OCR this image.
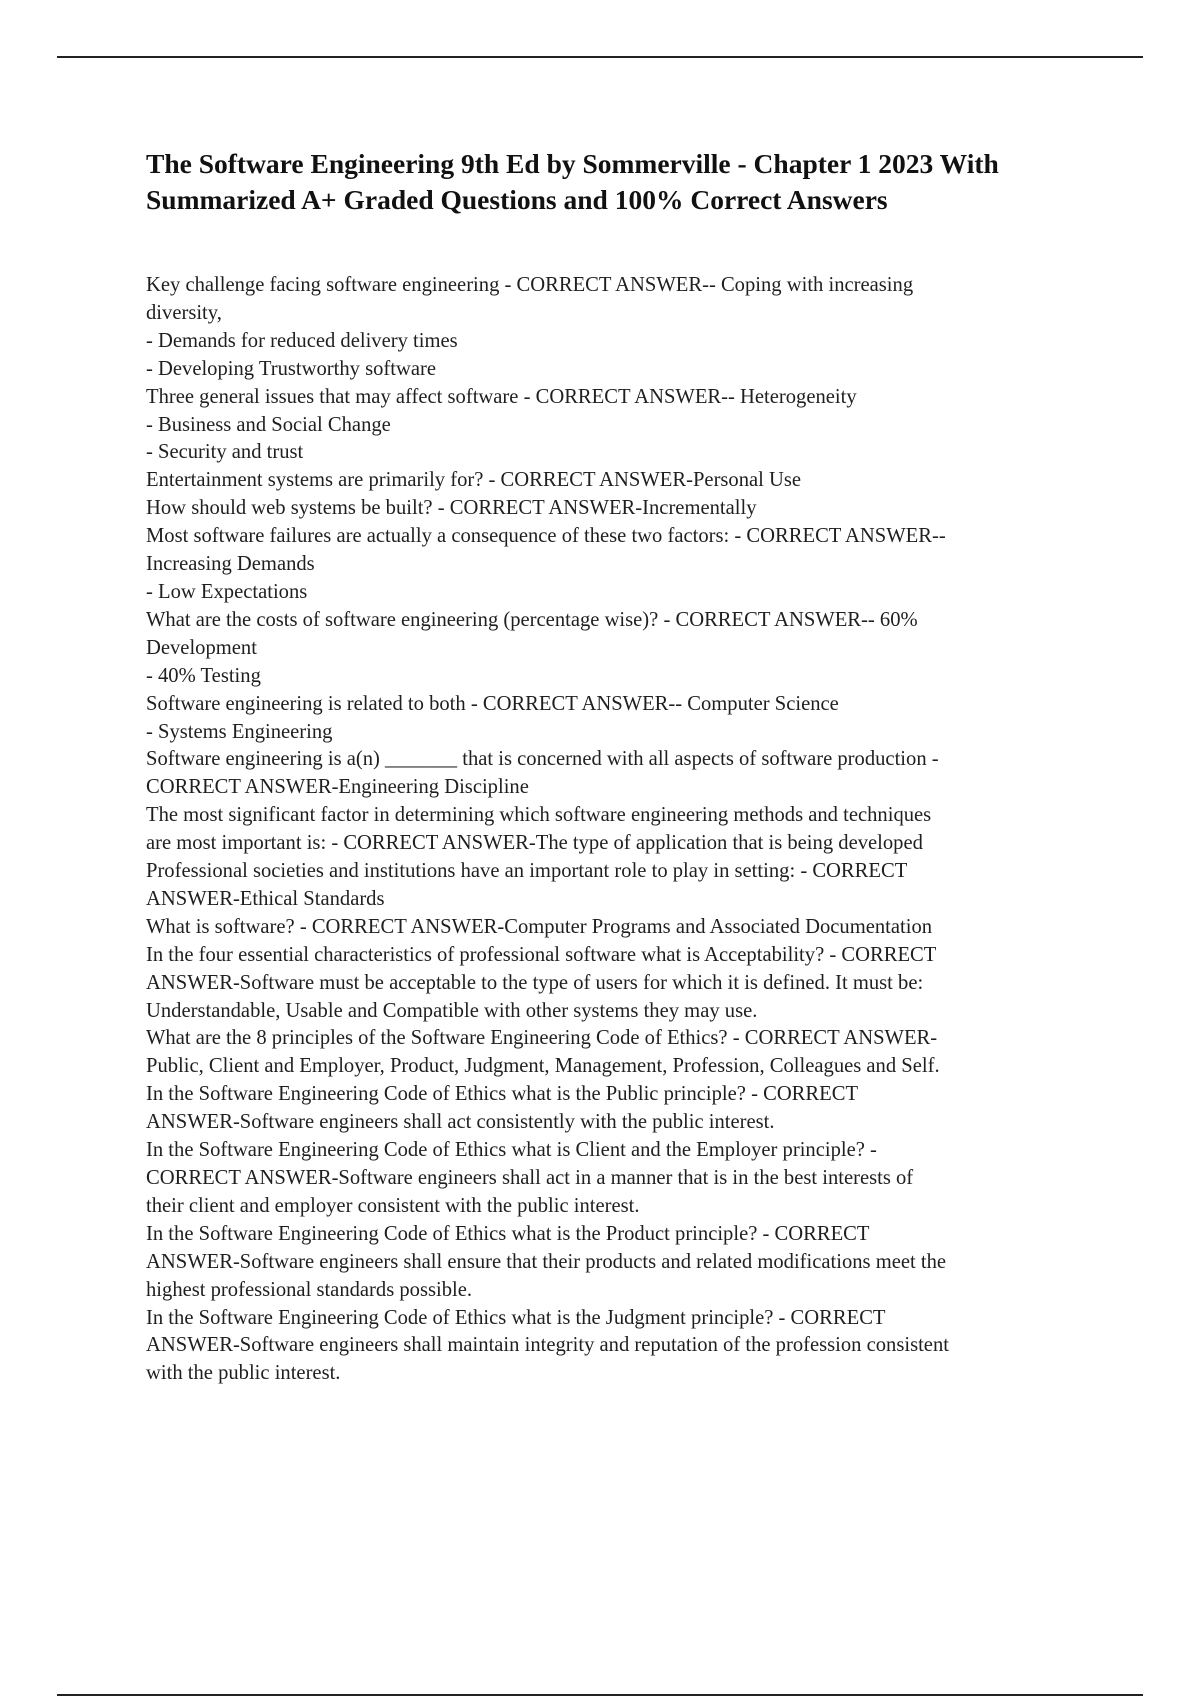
The Software Engineering 9th Ed by Sommerville - Chapter 1 2023 With
Summarized A+ Graded Questions and 100% Correct Answers
Key challenge facing software engineering - CORRECT ANSWER-- Coping with increasing
diversity,
- Demands for reduced delivery times
- Developing Trustworthy software
Three general issues that may affect software - CORRECT ANSWER-- Heterogeneity
- Business and Social Change
- Security and trust
Entertainment systems are primarily for? - CORRECT ANSWER-Personal Use
How should web systems be built? - CORRECT ANSWER-Incrementally
Most software failures are actually a consequence of these two factors: - CORRECT ANSWER--
Increasing Demands
- Low Expectations
What are the costs of software engineering (percentage wise)? - CORRECT ANSWER-- 60%
Development
- 40% Testing
Software engineering is related to both - CORRECT ANSWER-- Computer Science
- Systems Engineering
Software engineering is a(n) _______ that is concerned with all aspects of software production -
CORRECT ANSWER-Engineering Discipline
The most significant factor in determining which software engineering methods and techniques
are most important is: - CORRECT ANSWER-The type of application that is being developed
Professional societies and institutions have an important role to play in setting: - CORRECT
ANSWER-Ethical Standards
What is software? - CORRECT ANSWER-Computer Programs and Associated Documentation
In the four essential characteristics of professional software what is Acceptability? - CORRECT
ANSWER-Software must be acceptable to the type of users for which it is defined. It must be:
Understandable, Usable and Compatible with other systems they may use.
What are the 8 principles of the Software Engineering Code of Ethics? - CORRECT ANSWER-
Public, Client and Employer, Product, Judgment, Management, Profession, Colleagues and Self.
In the Software Engineering Code of Ethics what is the Public principle? - CORRECT
ANSWER-Software engineers shall act consistently with the public interest.
In the Software Engineering Code of Ethics what is Client and the Employer principle? -
CORRECT ANSWER-Software engineers shall act in a manner that is in the best interests of
their client and employer consistent with the public interest.
In the Software Engineering Code of Ethics what is the Product principle? - CORRECT
ANSWER-Software engineers shall ensure that their products and related modifications meet the
highest professional standards possible.
In the Software Engineering Code of Ethics what is the Judgment principle? - CORRECT
ANSWER-Software engineers shall maintain integrity and reputation of the profession consistent
with the public interest.
